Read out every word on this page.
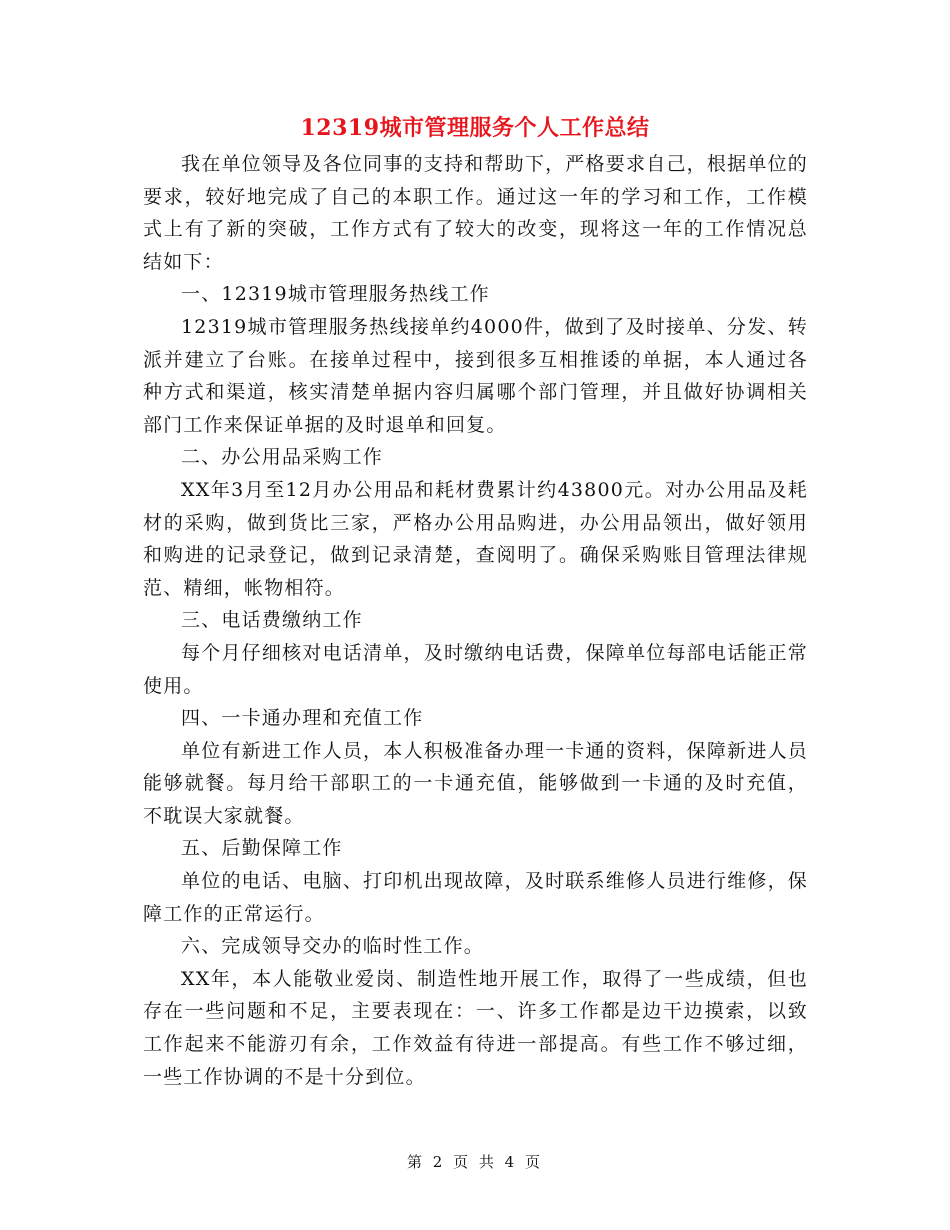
12319城市管理服务个人工作总结

我在单位领导及各位同事的支持和帮助下，严格要求自己，根据单位的要求，较好地完成了自己的本职工作。通过这一年的学习和工作，工作模式上有了新的突破，工作方式有了较大的改变，现将这一年的工作情况总结如下：

一、12319城市管理服务热线工作

12319城市管理服务热线接单约4000件，做到了及时接单、分发、转派并建立了台账。在接单过程中，接到很多互相推诿的单据，本人通过各种方式和渠道，核实清楚单据内容归属哪个部门管理，并且做好协调相关部门工作来保证单据的及时退单和回复。

二、办公用品采购工作

XX年3月至12月办公用品和耗材费累计约43800元。对办公用品及耗材的采购，做到货比三家，严格办公用品购进，办公用品领出，做好领用和购进的记录登记，做到记录清楚，查阅明了。确保采购账目管理法律规范、精细，帐物相符。

三、电话费缴纳工作

每个月仔细核对电话清单，及时缴纳电话费，保障单位每部电话能正常使用。

四、一卡通办理和充值工作

单位有新进工作人员，本人积极准备办理一卡通的资料，保障新进人员能够就餐。每月给干部职工的一卡通充值，能够做到一卡通的及时充值，不耽误大家就餐。

五、后勤保障工作

单位的电话、电脑、打印机出现故障，及时联系维修人员进行维修，保障工作的正常运行。

六、完成领导交办的临时性工作。

XX年，本人能敬业爱岗、制造性地开展工作，取得了一些成绩，但也存在一些问题和不足，主要表现在：一、许多工作都是边干边摸索，以致工作起来不能游刃有余，工作效益有待进一部提高。有些工作不够过细，一些工作协调的不是十分到位。

第 2 页 共 4 页
